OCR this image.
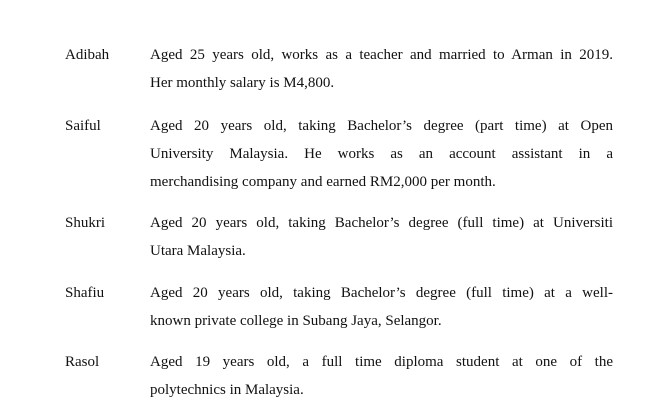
Adibah	Aged 25 years old, works as a teacher and married to Arman in 2019.
Her monthly salary is M4,800.
Saiful	Aged 20 years old, taking Bachelor’s degree (part time) at Open
University Malaysia. He works as an account assistant in a
merchandising company and earned RM2,000 per month.
Shukri	Aged 20 years old, taking Bachelor’s degree (full time) at Universiti
Utara Malaysia.
Shafiu	Aged 20 years old, taking Bachelor’s degree (full time) at a well-
known private college in Subang Jaya, Selangor.
Rasol	Aged 19 years old, a full time diploma student at one of the
polytechnics in Malaysia.
